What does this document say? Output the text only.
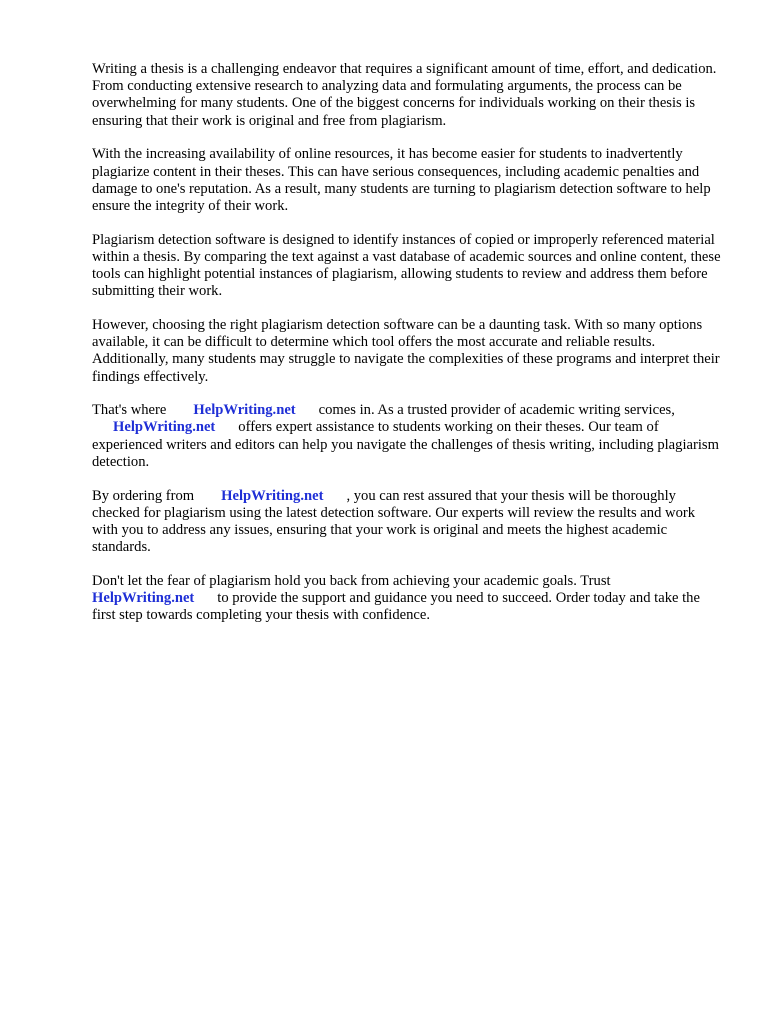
Writing a thesis is a challenging endeavor that requires a significant amount of time, effort, and dedication. From conducting extensive research to analyzing data and formulating arguments, the process can be overwhelming for many students. One of the biggest concerns for individuals working on their thesis is ensuring that their work is original and free from plagiarism.

With the increasing availability of online resources, it has become easier for students to inadvertently plagiarize content in their theses. This can have serious consequences, including academic penalties and damage to one's reputation. As a result, many students are turning to plagiarism detection software to help ensure the integrity of their work.

Plagiarism detection software is designed to identify instances of copied or improperly referenced material within a thesis. By comparing the text against a vast database of academic sources and online content, these tools can highlight potential instances of plagiarism, allowing students to review and address them before submitting their work.

However, choosing the right plagiarism detection software can be a daunting task. With so many options available, it can be difficult to determine which tool offers the most accurate and reliable results. Additionally, many students may struggle to navigate the complexities of these programs and interpret their findings effectively.

That's where HelpWriting.net comes in. As a trusted provider of academic writing services,
HelpWriting.net offers expert assistance to students working on their theses. Our team of experienced writers and editors can help you navigate the challenges of thesis writing, including plagiarism detection.

By ordering from HelpWriting.net , you can rest assured that your thesis will be thoroughly checked for plagiarism using the latest detection software. Our experts will review the results and work with you to address any issues, ensuring that your work is original and meets the highest academic standards.

Don't let the fear of plagiarism hold you back from achieving your academic goals. Trust
HelpWriting.net to provide the support and guidance you need to succeed. Order today and take the first step towards completing your thesis with confidence.
